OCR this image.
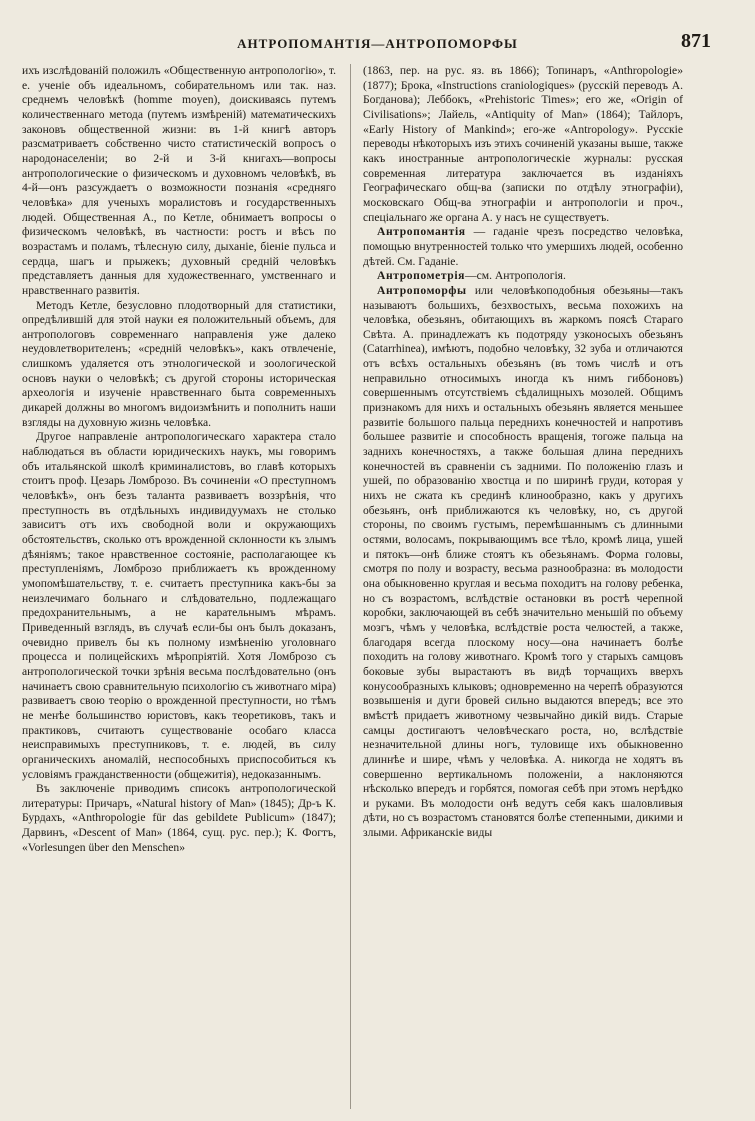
АНТРОПОМАНТІЯ—АНТРОПОМОРФЫ	871

ихъ изслѣдованій положилъ «Общественную антропологію», т. е. ученіе объ идеальномъ, собирательномъ или так. наз. среднемъ человѣкѣ (homme moyen), доискиваясь путемъ количественнаго метода (путемъ измѣреній) математическихъ законовъ общественной жизни: въ 1-й книгѣ авторъ разсматриваетъ собственно чисто статистическій вопросъ о народонаселеніи; во 2-й и 3-й книгахъ—вопросы антропологические о физическомъ и духовномъ человѣкѣ, въ 4-й—онъ разсуждаетъ о возможности познанія «средняго человѣка» для ученыхъ моралистовъ и государственныхъ людей. Общественная А., по Кетле, обнимаетъ вопросы о физическомъ человѣкѣ, въ частности: ростъ и вѣсъ по возрастамъ и поламъ, тѣлесную силу, дыханіе, біеніе пульса и сердца, шагъ и прыжекъ; духовный средній человѣкъ представляетъ данныя для художественнаго, умственнаго и нравственнаго развитія.

Методъ Кетле, безусловно плодотворный для статистики, опредѣлившій для этой науки ея положительный объемъ, для антропологовъ современнаго направленія уже далеко неудовлетворителенъ; «средній человѣкъ», какъ отвлеченіе, слишкомъ удаляется отъ этнологической и зоологической основъ науки о человѣкѣ; съ другой стороны историческая археологія и изученіе нравственнаго быта современныхъ дикарей должны во многомъ видоизмѣнить и пополнить наши взгляды на духовную жизнь человѣка.

Другое направленіе антропологическаго характера стало наблюдаться въ области юридическихъ наукъ, мы говоримъ объ итальянской школѣ криминалистовъ, во главѣ которыхъ стоитъ проф. Цезарь Ломброзо. Въ сочиненіи «О преступномъ человѣкѣ», онъ безъ таланта развиваетъ воззрѣнія, что преступность въ отдѣльныхъ индивидуумахъ не столько зависитъ отъ ихъ свободной воли и окружающихъ обстоятельствъ, сколько отъ врожденной склонности къ злымъ дѣяніямъ; такое нравственное состояніе, располагающее къ преступленіямъ, Ломброзо приближаетъ къ врожденному умопомѣшательству, т. е. считаетъ преступника какъ-бы за неизлечимаго больнаго и слѣдовательно, подлежащаго предохранительнымъ, а не карательнымъ мѣрамъ. Приведенный взглядъ, въ случаѣ если-бы онъ былъ доказанъ, очевидно привелъ бы къ полному измѣненію уголовнаго процесса и полицейскихъ мѣропріятій. Хотя Ломброзо съ антропологической точки зрѣнія весьма послѣдовательно (онъ начинаетъ свою сравнительную психологію съ животнаго міра) развиваетъ свою теорію о врожденной преступности, но тѣмъ не менѣе большинство юристовъ, какъ теоретиковъ, такъ и практиковъ, считаютъ существованіе особаго класса неисправимыхъ преступниковъ, т. е. людей, въ силу органическихъ аномалій, неспособныхъ приспособиться къ условіямъ гражданственности (общежитія), недоказаннымъ.

Въ заключеніе приводимъ списокъ антропологической литературы: Причаръ, «Natural history of Man» (1845); Др-ъ К. Бурдахъ, «Anthropologie für das gebildete Publicum» (1847); Дарвинъ, «Descent of Man» (1864, сущ. рус. пер.); К. Фогтъ, «Vorlesungen über den Menschen»

(1863, пер. на рус. яз. въ 1866); Топинаръ, «Anthropologie» (1877); Брока, «Instructions craniologiques» (русскій переводъ А. Богданова); Леббокъ, «Prehistoric Times»; его же, «Origin of Civilisations»; Лайель, «Antiquity of Man» (1864); Тайлоръ, «Early History of Mankind»; его-же «Antropology». Русскіе переводы нѣкоторыхъ изъ этихъ сочиненій указаны выше, также какъ иностранные антропологическіе журналы: русская современная литература заключается въ изданіяхъ Географическаго общ-ва (записки по отдѣлу этнографіи), московскаго Общ-ва этнографіи и антропологіи и проч., спеціальнаго же органа А. у насъ не существуетъ.

Антропомантія — гаданіе чрезъ посредство человѣка, помощью внутренностей только что умершихъ людей, особенно дѣтей. См. Гаданіе.

Антропометрія—см. Антропологія.

Антропоморфы или человѣкоподобныя обезьяны—такъ называютъ большихъ, безхвостыхъ, весьма похожихъ на человѣка, обезьянъ, обитающихъ въ жаркомъ поясѣ Стараго Свѣта. А. принадлежатъ къ подотряду узконосыхъ обезьянъ (Catarrhinea), имѣютъ, подобно человѣку, 32 зуба и отличаются отъ всѣхъ остальныхъ обезьянъ (въ томъ числѣ и отъ неправильно относимыхъ иногда къ нимъ гиббоновъ) совершеннымъ отсутствіемъ сѣдалищныхъ мозолей. Общимъ признакомъ для нихъ и остальныхъ обезьянъ является меньшее развитіе большого пальца переднихъ конечностей и напротивъ большее развитіе и способность вращенія, тогоже пальца на заднихъ конечностяхъ, а также большая длина переднихъ конечностей въ сравненіи съ задними. По положенію глазъ и ушей, по образованію хвостца и по ширинѣ груди, которая у нихъ не сжата къ срединѣ клинообразно, какъ у другихъ обезьянъ, онѣ приближаются къ человѣку, но, съ другой стороны, по своимъ густымъ, перемѣшаннымъ съ длинными остями, волосамъ, покрывающимъ все тѣло, кромѣ лица, ушей и пятокъ—онѣ ближе стоятъ къ обезьянамъ. Форма головы, смотря по полу и возрасту, весьма разнообразна: въ молодости она обыкновенно круглая и весьма походитъ на голову ребенка, но съ возрастомъ, вслѣдствіе остановки въ ростѣ черепной коробки, заключающей въ себѣ значительно меньшій по объему мозгъ, чѣмъ у человѣка, вслѣдствіе роста челюстей, а также, благодаря всегда плоскому носу—она начинаетъ болѣе походить на голову животнаго. Кромѣ того у старыхъ самцовъ боковые зубы вырастаютъ въ видѣ торчащихъ вверхъ конусообразныхъ клыковъ; одновременно на черепѣ образуются возвышенія и дуги бровей сильно выдаются впередъ; все это вмѣстѣ придаетъ животному чезвычайно дикій видъ. Старые самцы достигаютъ человѣческаго роста, но, вслѣдствіе незначительной длины ногъ, туловище ихъ обыкновенно длиннѣе и шире, чѣмъ у человѣка. А. никогда не ходятъ въ совершенно вертикальномъ положеніи, а наклоняются нѣсколько впередъ и горбятся, помогая себѣ при этомъ нерѣдко и руками. Въ молодости онѣ ведутъ себя какъ шаловливыя дѣти, но съ возрастомъ становятся болѣе степенными, дикими и злыми. Африканскіе виды
